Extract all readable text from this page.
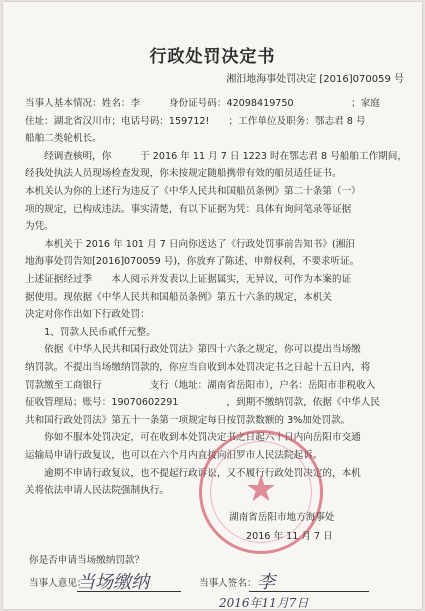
行政处罚决定书
湘汨地海事处罚决定 [2016]070059 号
当事人基本情况：姓名：李　　　身份证号码：42098419750　　　　　　；家庭
住址：湖北省汉川市；电话号码：159712!　　；工作单位及职务：鄂志君 8 号
船舶二类轮机长。
　　经调查核明，你　　　于 2016 年 11 月 7 日 1223 时在鄂志君 8 号船舶工作期间，
经我处执法人员现场检查发现，你未按规定随船携带有效的船员适任证书。
本机关认为你的上述行为违反了《中华人民共和国船员条例》第二十条第（一）
项的规定，已构成违法。事实清楚，有以下证据为凭：具体有询问笔录等证据
为凭。
　　本机关于 2016 年 101 月 7 日向你送达了《行政处罚事前告知书》(湘汨
地海事处罚告知[2016]070059 号)，你放弃了陈述、申辩权利，不要求听证。
上述证据经过季　　本人阅示并发表以上证据属实，无异议，可作为本案的证
据使用。现依据《中华人民共和国船员条例》第五十六条的规定，本机关
决定对你作出如下行政处罚：
　　1、罚款人民币贰仟元整。
　　依据《中华人民共和国行政处罚法》第四十六条之规定，你可以提出当场缴
纳罚款。不提出当场缴纳罚款的，你应当自收到本处罚决定书之日起十五日内，将
罚款缴至工商银行　　　　　支行（地址：湖南省岳阳市），户名：岳阳市非税收入
征收管理局；账号：19070602291　　　　　，到期不缴纳罚款，依据《中华人民
共和国行政处罚法》第五十一条第一项规定每日按罚款数额的 3%加处罚款。
　　你如不服本处罚决定，可在收到本处罚决定书之日起六十日内向岳阳市交通
运输局申请行政复议，也可以在六个月内直接向汨罗市人民法院起诉。
　　逾期不申请行政复议，也不提起行政诉讼，又不履行行政处罚决定的，本机
关将依法申请人民法院强制执行。	★
湖南省岳阳市地方海事处
2016 年 11 月 7 日
你是否申请当场缴纳罚款？
当事人意见：
当场缴纳	当事人签名： 李
2016年11月7日
